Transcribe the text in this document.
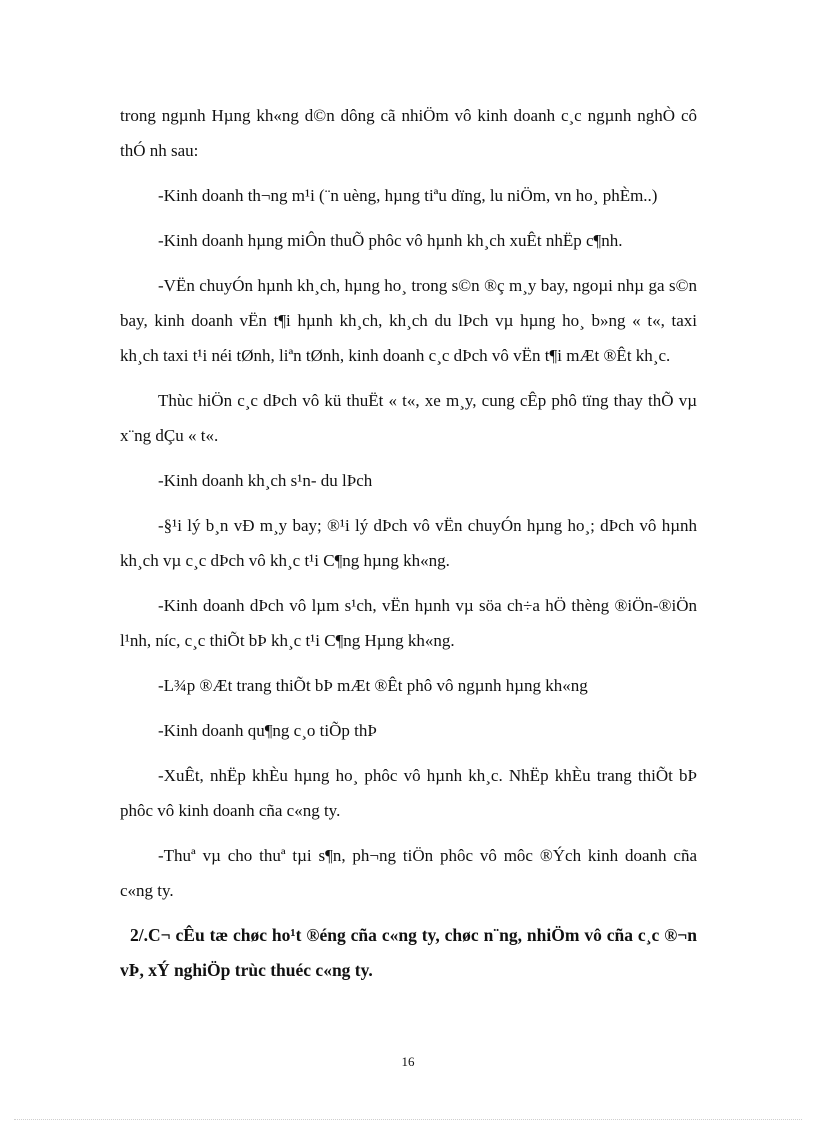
trong ngµnh Hµng kh«ng d©n dông cã nhiÖm vô kinh doanh c¸c ngµnh nghÒ cô thÓ nh sau:

-Kinh doanh th¬ng m¹i (¨n uèng, hµng tiªu dïng, lu niÖm, vn ho¸ phÈm..)

-Kinh doanh hµng miÔn thuÕ phôc vô hµnh kh¸ch xuÊt nhËp c¶nh.

-VËn chuyÓn hµnh kh¸ch, hµng ho¸ trong s©n ®ç m¸y bay, ngoµi nhµ ga s©n bay, kinh doanh vËn t¶i hµnh kh¸ch, kh¸ch du lÞch vµ hµng ho¸ b»ng « t«, taxi kh¸ch taxi t¹i néi tØnh, liªn tØnh, kinh doanh c¸c dÞch vô vËn t¶i mÆt ®Êt kh¸c.

Thùc hiÖn c¸c dÞch vô kü thuËt « t«, xe m¸y, cung cÊp phô tïng thay thÕ vµ x¨ng dÇu « t«.

-Kinh doanh kh¸ch s¹n- du lÞch

-§¹i lý b¸n vÐ m¸y bay; ®¹i lý dÞch vô vËn chuyÓn hµng ho¸; dÞch vô hµnh kh¸ch vµ c¸c dÞch vô kh¸c t¹i C¶ng hµng kh«ng.

-Kinh doanh dÞch vô lµm s¹ch, vËn hµnh vµ söa ch÷a hÖ thèng ®iÖn-®iÖn l¹nh, níc, c¸c thiÕt bÞ kh¸c t¹i C¶ng Hµng kh«ng.

-L¾p ®Æt trang thiÕt bÞ mÆt ®Êt phô vô ngµnh hµng kh«ng

-Kinh doanh qu¶ng c¸o tiÕp thÞ

-XuÊt, nhËp khÈu hµng ho¸ phôc vô hµnh kh¸c. NhËp khÈu trang thiÕt bÞ phôc vô kinh doanh cña c«ng ty.

-Thuª vµ cho thuª tµi s¶n, ph¬ng tiÖn phôc vô môc ®Ých kinh doanh cña c«ng ty.

2/.C¬ cÊu tæ chøc ho¹t ®éng cña c«ng ty, chøc n¨ng, nhiÖm vô cña c¸c ®¬n vÞ, xÝ nghiÖp trùc thuéc c«ng ty.

16
